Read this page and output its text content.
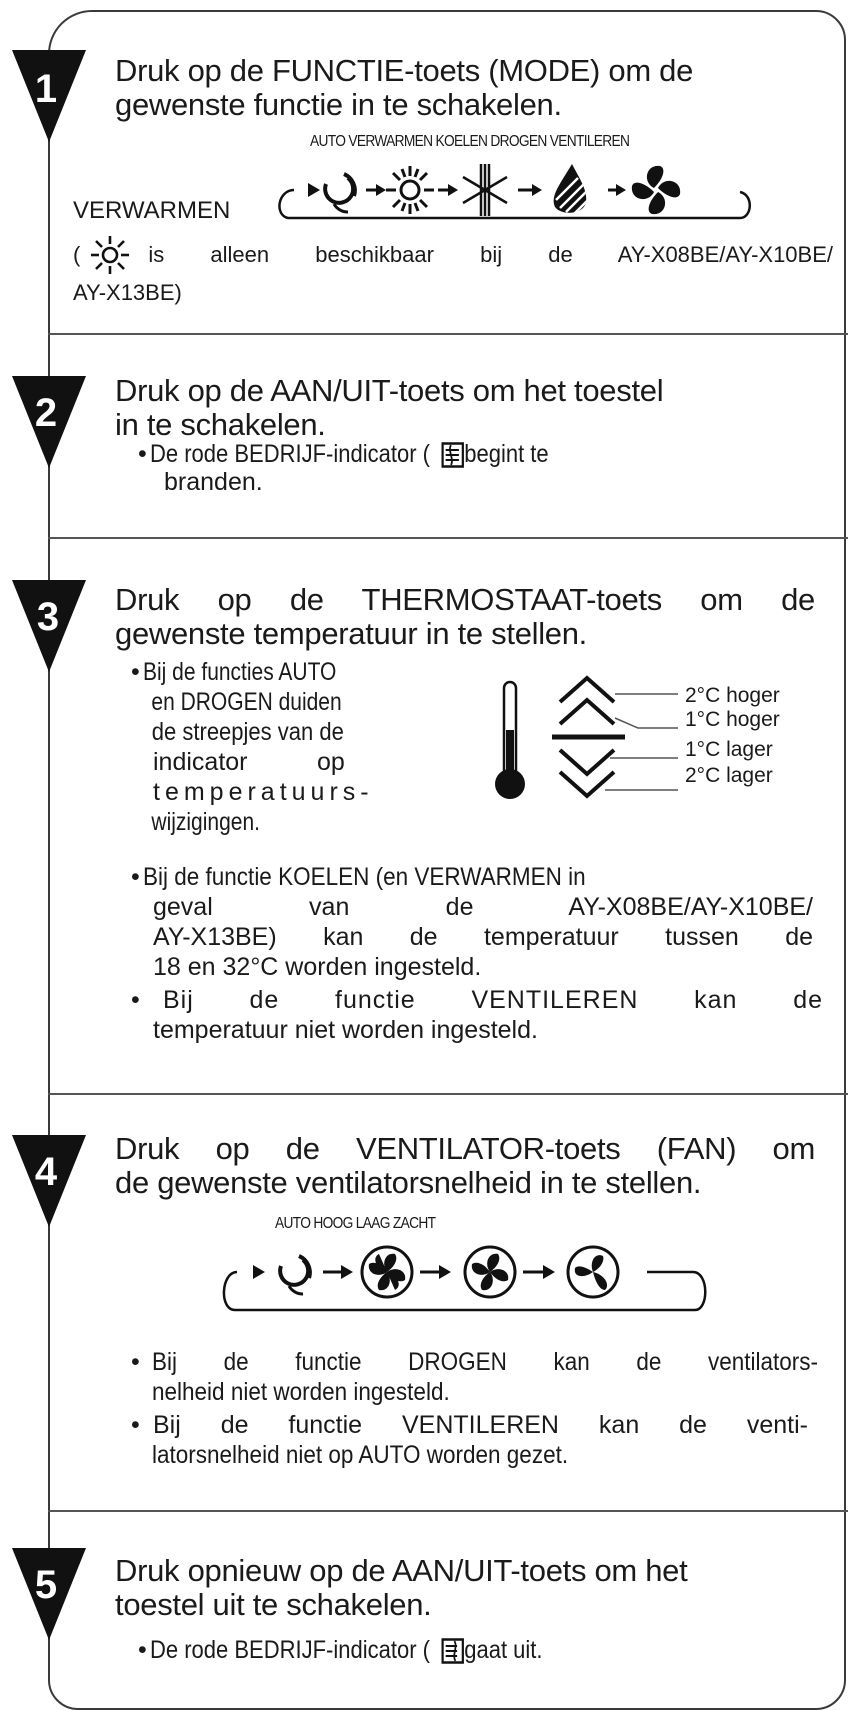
1 Druk op de FUNCTIE-toets (MODE) om de
gewenste functie in te schakelen.
AUTO VERWARMEN KOELEN DROGEN VENTILEREN
VERWARMEN
(	is alleen beschikbaar bij de AY-X08BE/AY-X10BE/
AY-X13BE)
2
Druk op de AAN/UIT-toets om het toestel
in te schakelen.
• De rode BEDRIJF-indicator ( begint te
branden.
3 Druk op de THERMOSTAAT-toets om de
gewenste temperatuur in te stellen.
• Bij de functies AUTO en DROGEN duiden de streepjes van de
indicator          op
temperatuurs-
wijzigingen.
2°C hoger
1°C hoger
1°C lager
2°C lager
• Bij de functie KOELEN (en VERWARMEN in
geval van de AY-X08BE/AY-X10BE/
AY-X13BE) kan de temperatuur tussen de
18 en 32°C worden ingesteld.
• Bij de functie VENTILEREN kan de
temperatuur niet worden ingesteld.
4
Druk op de VENTILATOR-toets (FAN) om
de gewenste ventilatorsnelheid in te stellen.
AUTO HOOG LAAG ZACHT
• Bij de functie DROGEN kan de ventilators-
nelheid niet worden ingesteld.
• Bij de functie VENTILEREN kan de venti-
latorsnelheid niet op AUTO worden gezet.
5 Druk opnieuw op de AAN/UIT-toets om het
toestel uit te schakelen.
• De rode BEDRIJF-indicator ( gaat uit.
